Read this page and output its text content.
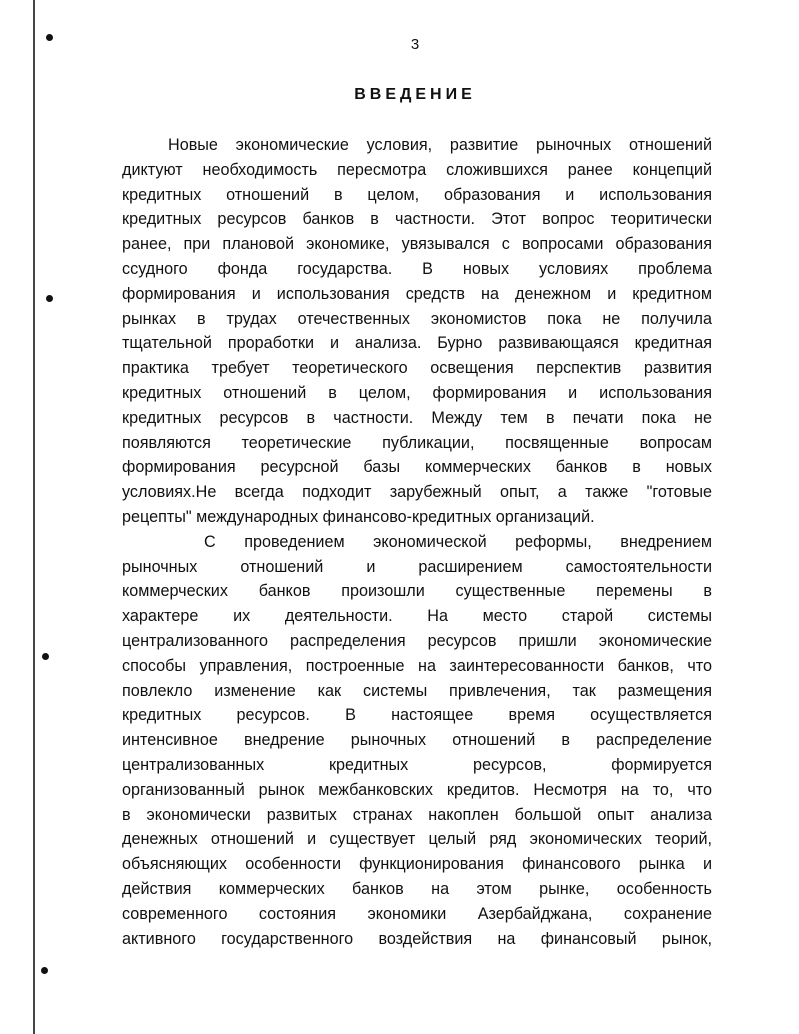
3
ВВЕДЕНИЕ
Новые экономические условия, развитие рыночных отношений
диктуют необходимость пересмотра сложившихся ранее концепций
кредитных отношений в целом, образования и использования
кредитных ресурсов банков в частности. Этот вопрос теоритически
ранее, при плановой экономике, увязывался с вопросами образования
ссудного фонда государства. В новых условиях проблема
формирования и использования средств на денежном и кредитном
рынках в трудах отечественных экономистов пока не получила
тщательной проработки и анализа. Бурно развивающаяся кредитная
практика требует теоретического освещения перспектив развития
кредитных отношений в целом, формирования и использования
кредитных ресурсов в частности. Между тем в печати пока не
появляются теоретические публикации, посвященные вопросам
формирования ресурсной базы коммерческих банков в новых
условиях.Не всегда подходит зарубежный опыт, а также "готовые
рецепты" международных финансово-кредитных организаций.
С проведением экономической реформы, внедрением
рыночных отношений и расширением самостоятельности
коммерческих банков произошли существенные перемены в
характере их деятельности. На место старой системы
централизованного распределения ресурсов пришли экономические
способы управления, построенные на заинтересованности банков, что
повлекло изменение как системы привлечения, так размещения
кредитных ресурсов. В настоящее время осуществляется
интенсивное внедрение рыночных отношений в распределение
централизованных кредитных ресурсов, формируется
организованный рынок межбанковских кредитов. Несмотря на то, что
в экономически развитых странах накоплен большой опыт анализа
денежных отношений и существует целый ряд экономических теорий,
объясняющих особенности функционирования финансового рынка и
действия коммерческих банков на этом рынке, особенность
современного состояния экономики Азербайджана, сохранение
активного государственного воздействия на финансовый рынок,
